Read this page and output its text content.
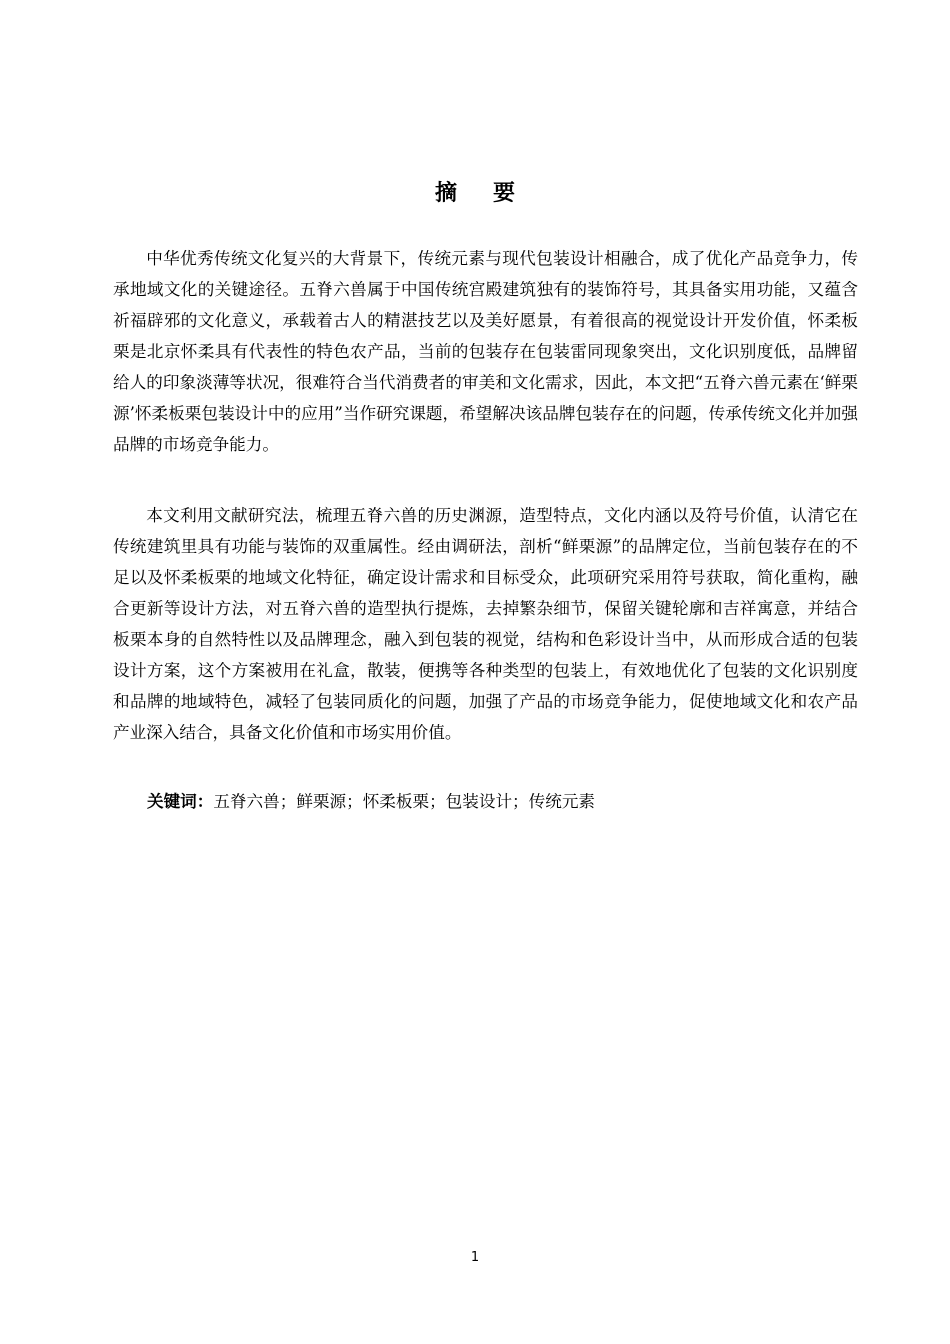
摘要

中华优秀传统文化复兴的大背景下，传统元素与现代包装设计相融合，成了优化产品竞争力，传承地域文化的关键途径。五脊六兽属于中国传统宫殿建筑独有的装饰符号，其具备实用功能，又蕴含祈福辟邪的文化意义，承载着古人的精湛技艺以及美好愿景，有着很高的视觉设计开发价值，怀柔板栗是北京怀柔具有代表性的特色农产品，当前的包装存在包装雷同现象突出，文化识别度低，品牌留给人的印象淡薄等状况，很难符合当代消费者的审美和文化需求，因此，本文把“五脊六兽元素在‘鲜栗源’怀柔板栗包装设计中的应用”当作研究课题，希望解决该品牌包装存在的问题，传承传统文化并加强品牌的市场竞争能力。

本文利用文献研究法，梳理五脊六兽的历史渊源，造型特点，文化内涵以及符号价值，认清它在传统建筑里具有功能与装饰的双重属性。经由调研法，剖析“鲜栗源”的品牌定位，当前包装存在的不足以及怀柔板栗的地域文化特征，确定设计需求和目标受众，此项研究采用符号获取，简化重构，融合更新等设计方法，对五脊六兽的造型执行提炼，去掉繁杂细节，保留关键轮廓和吉祥寓意，并结合板栗本身的自然特性以及品牌理念，融入到包装的视觉，结构和色彩设计当中，从而形成合适的包装设计方案，这个方案被用在礼盒，散装，便携等各种类型的包装上，有效地优化了包装的文化识别度和品牌的地域特色，减轻了包装同质化的问题，加强了产品的市场竞争能力，促使地域文化和农产品产业深入结合，具备文化价值和市场实用价值。

关键词：五脊六兽；鲜栗源；怀柔板栗；包装设计；传统元素
1
